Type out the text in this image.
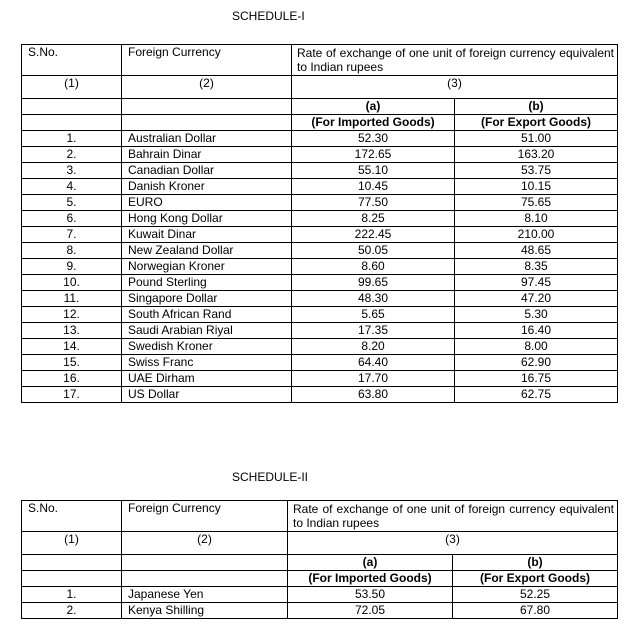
SCHEDULE-I
S.No.	Foreign Currency	Rate of exchange of one unit of foreign currency equivalent to Indian rupees	
(1)	(2)	(3)	
		(a)	(b)
		(For Imported Goods)	(For Export Goods)
1.	Australian Dollar	52.30	51.00
2.	Bahrain Dinar	172.65	163.20
3.	Canadian Dollar	55.10	53.75
4.	Danish Kroner	10.45	10.15
5.	EURO	77.50	75.65
6.	Hong Kong Dollar	8.25	8.10
7.	Kuwait Dinar	222.45	210.00
8.	New Zealand Dollar	50.05	48.65
9.	Norwegian Kroner	8.60	8.35
10.	Pound Sterling	99.65	97.45
11.	Singapore Dollar	48.30	47.20
12.	South African Rand	5.65	5.30
13.	Saudi Arabian Riyal	17.35	16.40
14.	Swedish Kroner	8.20	8.00
15.	Swiss Franc	64.40	62.90
16.	UAE Dirham	17.70	16.75
17.	US Dollar	63.80	62.75
SCHEDULE-II
S.No.	Foreign Currency	Rate of exchange of one unit of foreign currency equivalent to Indian rupees	
(1)	(2)	(3)	
		(a)	(b)
		(For Imported Goods)	(For Export Goods)
1.	Japanese Yen	53.50	52.25
2.	Kenya Shilling	72.05	67.80
